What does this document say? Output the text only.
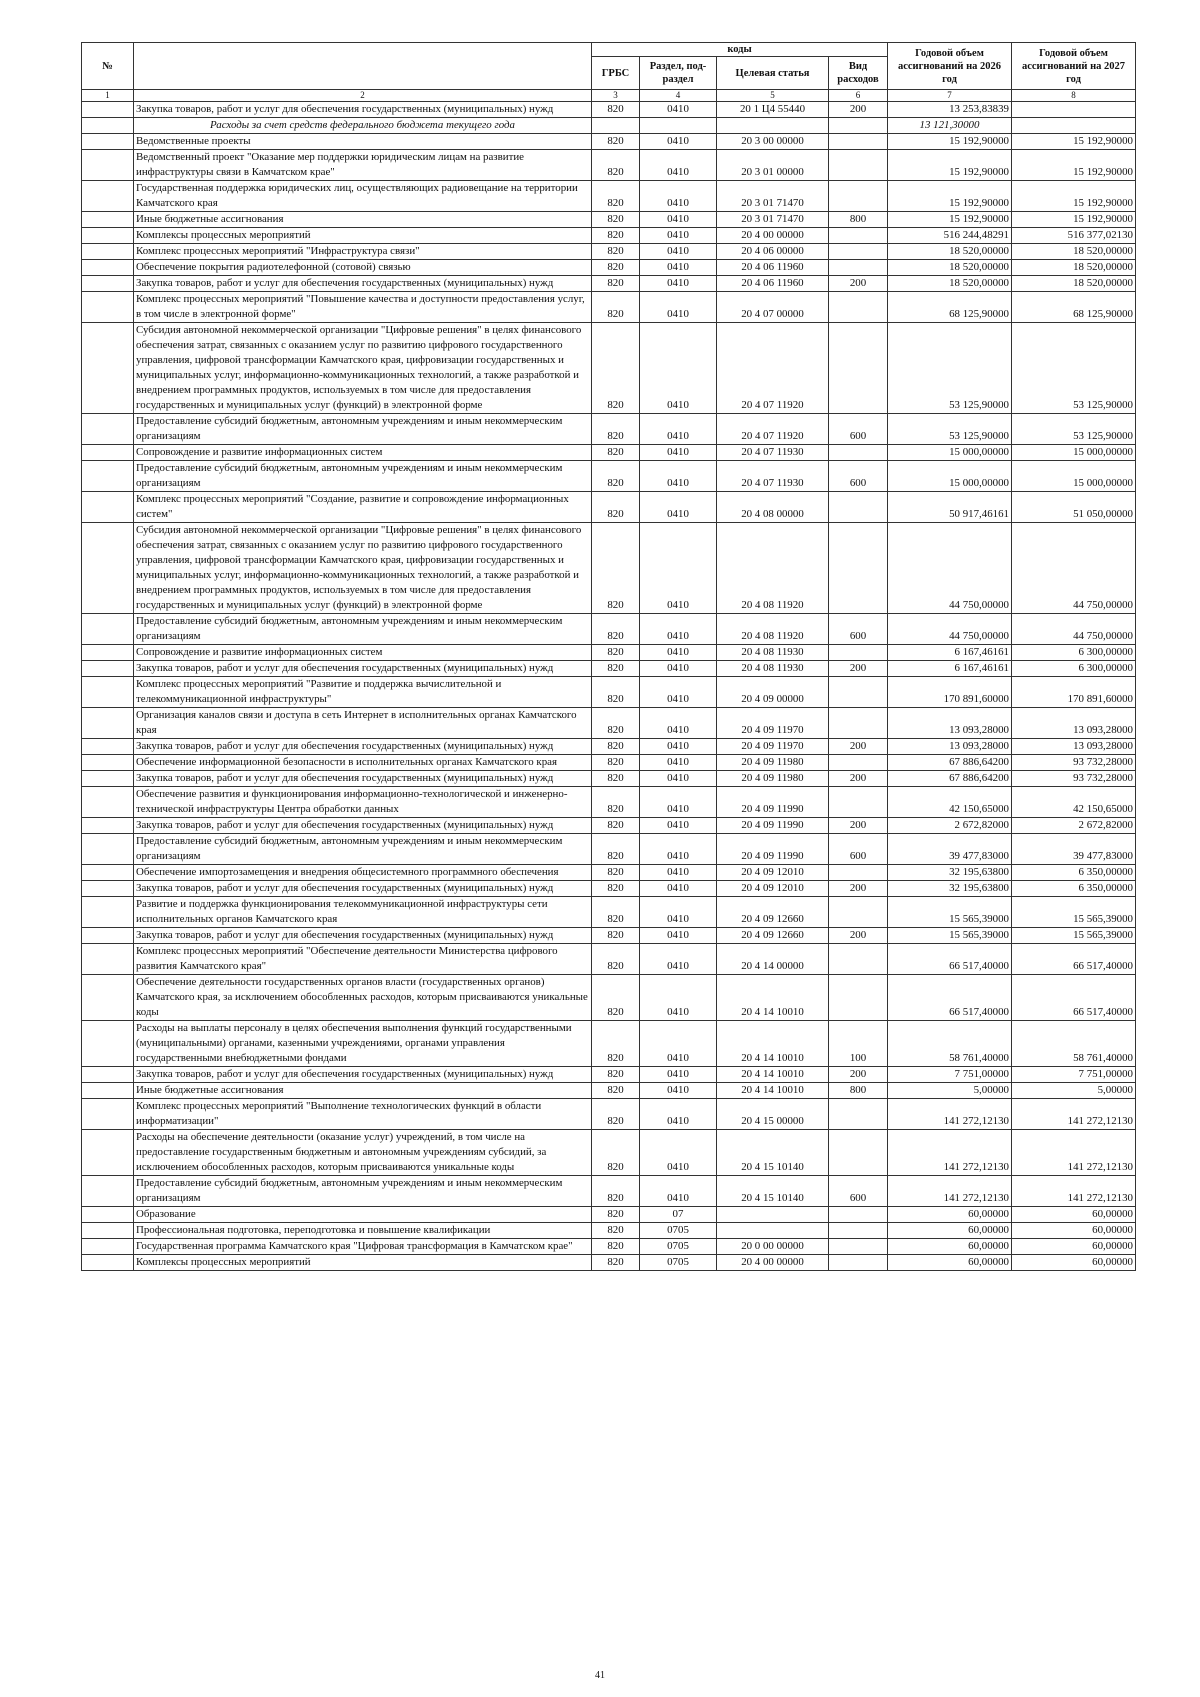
№		коды				Годовой объем ассигнований на 2026 год	Годовой объем ассигнований на 2027 год
		ГРБС	Раздел, под-раздел	Целевая статья	Вид расходов		
1	2	3	4	5	6	7	8
	Закупка товаров, работ и услуг для обеспечения государственных (муниципальных) нужд	820	0410	20 1 Ц4 55440	200	13 253,83839	
	Расходы за счет средств федерального бюджета текущего года					13 121,30000	
	Ведомственные проекты	820	0410	20 3 00 00000		15 192,90000	15 192,90000
	Ведомственный проект "Оказание мер поддержки юридическим лицам на развитие инфраструктуры связи в Камчатском крае"	820	0410	20 3 01 00000		15 192,90000	15 192,90000
	Государственная поддержка юридических лиц, осуществляющих радиовещание на территории Камчатского края	820	0410	20 3 01 71470		15 192,90000	15 192,90000
	Иные бюджетные ассигнования	820	0410	20 3 01 71470	800	15 192,90000	15 192,90000
	Комплексы процессных мероприятий	820	0410	20 4 00 00000		516 244,48291	516 377,02130
	Комплекс процессных мероприятий "Инфраструктура связи"	820	0410	20 4 06 00000		18 520,00000	18 520,00000
	Обеспечение покрытия радиотелефонной (сотовой) связью	820	0410	20 4 06 11960		18 520,00000	18 520,00000
	Закупка товаров, работ и услуг для обеспечения государственных (муниципальных) нужд	820	0410	20 4 06 11960	200	18 520,00000	18 520,00000
	Комплекс процессных мероприятий "Повышение качества и доступности предоставления услуг, в том числе в электронной форме"	820	0410	20 4 07 00000		68 125,90000	68 125,90000
	Субсидия автономной некоммерческой организации "Цифровые решения" в целях финансового обеспечения затрат, связанных с оказанием услуг по развитию цифрового государственного управления, цифровой трансформации Камчатского края, цифровизации государственных и муниципальных услуг, информационно-коммуникационных технологий, а также разработкой и внедрением программных продуктов, используемых в том числе для предоставления государственных и муниципальных услуг (функций) в электронной форме	820	0410	20 4 07 11920		53 125,90000	53 125,90000
	Предоставление субсидий бюджетным, автономным учреждениям и иным некоммерческим организациям	820	0410	20 4 07 11920	600	53 125,90000	53 125,90000
	Сопровождение и развитие информационных систем	820	0410	20 4 07 11930		15 000,00000	15 000,00000
	Предоставление субсидий бюджетным, автономным учреждениям и иным некоммерческим организациям	820	0410	20 4 07 11930	600	15 000,00000	15 000,00000
	Комплекс процессных мероприятий "Создание, развитие и сопровождение информационных систем"	820	0410	20 4 08 00000		50 917,46161	51 050,00000
	Субсидия автономной некоммерческой организации "Цифровые решения" в целях финансового обеспечения затрат, связанных с оказанием услуг по развитию цифрового государственного управления, цифровой трансформации Камчатского края, цифровизации государственных и муниципальных услуг, информационно-коммуникационных технологий, а также разработкой и внедрением программных продуктов, используемых в том числе для предоставления государственных и муниципальных услуг (функций) в электронной форме	820	0410	20 4 08 11920		44 750,00000	44 750,00000
	Предоставление субсидий бюджетным, автономным учреждениям и иным некоммерческим организациям	820	0410	20 4 08 11920	600	44 750,00000	44 750,00000
	Сопровождение и развитие информационных систем	820	0410	20 4 08 11930		6 167,46161	6 300,00000
	Закупка товаров, работ и услуг для обеспечения государственных (муниципальных) нужд	820	0410	20 4 08 11930	200	6 167,46161	6 300,00000
	Комплекс процессных мероприятий "Развитие и поддержка вычислительной и телекоммуникационной инфраструктуры"	820	0410	20 4 09 00000		170 891,60000	170 891,60000
	Организация каналов связи и доступа в сеть Интернет в исполнительных органах Камчатского края	820	0410	20 4 09 11970		13 093,28000	13 093,28000
	Закупка товаров, работ и услуг для обеспечения государственных (муниципальных) нужд	820	0410	20 4 09 11970	200	13 093,28000	13 093,28000
	Обеспечение информационной безопасности в исполнительных органах Камчатского края	820	0410	20 4 09 11980		67 886,64200	93 732,28000
	Закупка товаров, работ и услуг для обеспечения государственных (муниципальных) нужд	820	0410	20 4 09 11980	200	67 886,64200	93 732,28000
	Обеспечение развития и функционирования информационно-технологической и инженерно-технической инфраструктуры Центра обработки данных	820	0410	20 4 09 11990		42 150,65000	42 150,65000
	Закупка товаров, работ и услуг для обеспечения государственных (муниципальных) нужд	820	0410	20 4 09 11990	200	2 672,82000	2 672,82000
	Предоставление субсидий бюджетным, автономным учреждениям и иным некоммерческим организациям	820	0410	20 4 09 11990	600	39 477,83000	39 477,83000
	Обеспечение импортозамещения и внедрения общесистемного программного обеспечения	820	0410	20 4 09 12010		32 195,63800	6 350,00000
	Закупка товаров, работ и услуг для обеспечения государственных (муниципальных) нужд	820	0410	20 4 09 12010	200	32 195,63800	6 350,00000
	Развитие и поддержка функционирования телекоммуникационной инфраструктуры сети исполнительных органов Камчатского края	820	0410	20 4 09 12660		15 565,39000	15 565,39000
	Закупка товаров, работ и услуг для обеспечения государственных (муниципальных) нужд	820	0410	20 4 09 12660	200	15 565,39000	15 565,39000
	Комплекс процессных мероприятий "Обеспечение деятельности Министерства цифрового развития Камчатского края"	820	0410	20 4 14 00000		66 517,40000	66 517,40000
	Обеспечение деятельности государственных органов власти (государственных органов) Камчатского края, за исключением обособленных расходов, которым присваиваются уникальные коды	820	0410	20 4 14 10010		66 517,40000	66 517,40000
	Расходы на выплаты персоналу в целях обеспечения выполнения функций государственными (муниципальными) органами, казенными учреждениями, органами управления государственными внебюджетными фондами	820	0410	20 4 14 10010	100	58 761,40000	58 761,40000
	Закупка товаров, работ и услуг для обеспечения государственных (муниципальных) нужд	820	0410	20 4 14 10010	200	7 751,00000	7 751,00000
	Иные бюджетные ассигнования	820	0410	20 4 14 10010	800	5,00000	5,00000
	Комплекс процессных мероприятий "Выполнение технологических функций в области информатизации"	820	0410	20 4 15 00000		141 272,12130	141 272,12130
	Расходы на обеспечение деятельности (оказание услуг) учреждений, в том числе на предоставление государственным бюджетным и автономным учреждениям субсидий, за исключением обособленных расходов, которым присваиваются уникальные коды	820	0410	20 4 15 10140		141 272,12130	141 272,12130
	Предоставление субсидий бюджетным, автономным учреждениям и иным некоммерческим организациям	820	0410	20 4 15 10140	600	141 272,12130	141 272,12130
	Образование	820	07			60,00000	60,00000
	Профессиональная подготовка, переподготовка и повышение квалификации	820	0705			60,00000	60,00000
	Государственная программа Камчатского края "Цифровая трансформация в Камчатском крае"	820	0705	20 0 00 00000		60,00000	60,00000
	Комплексы процессных мероприятий	820	0705	20 4 00 00000		60,00000	60,00000
41
